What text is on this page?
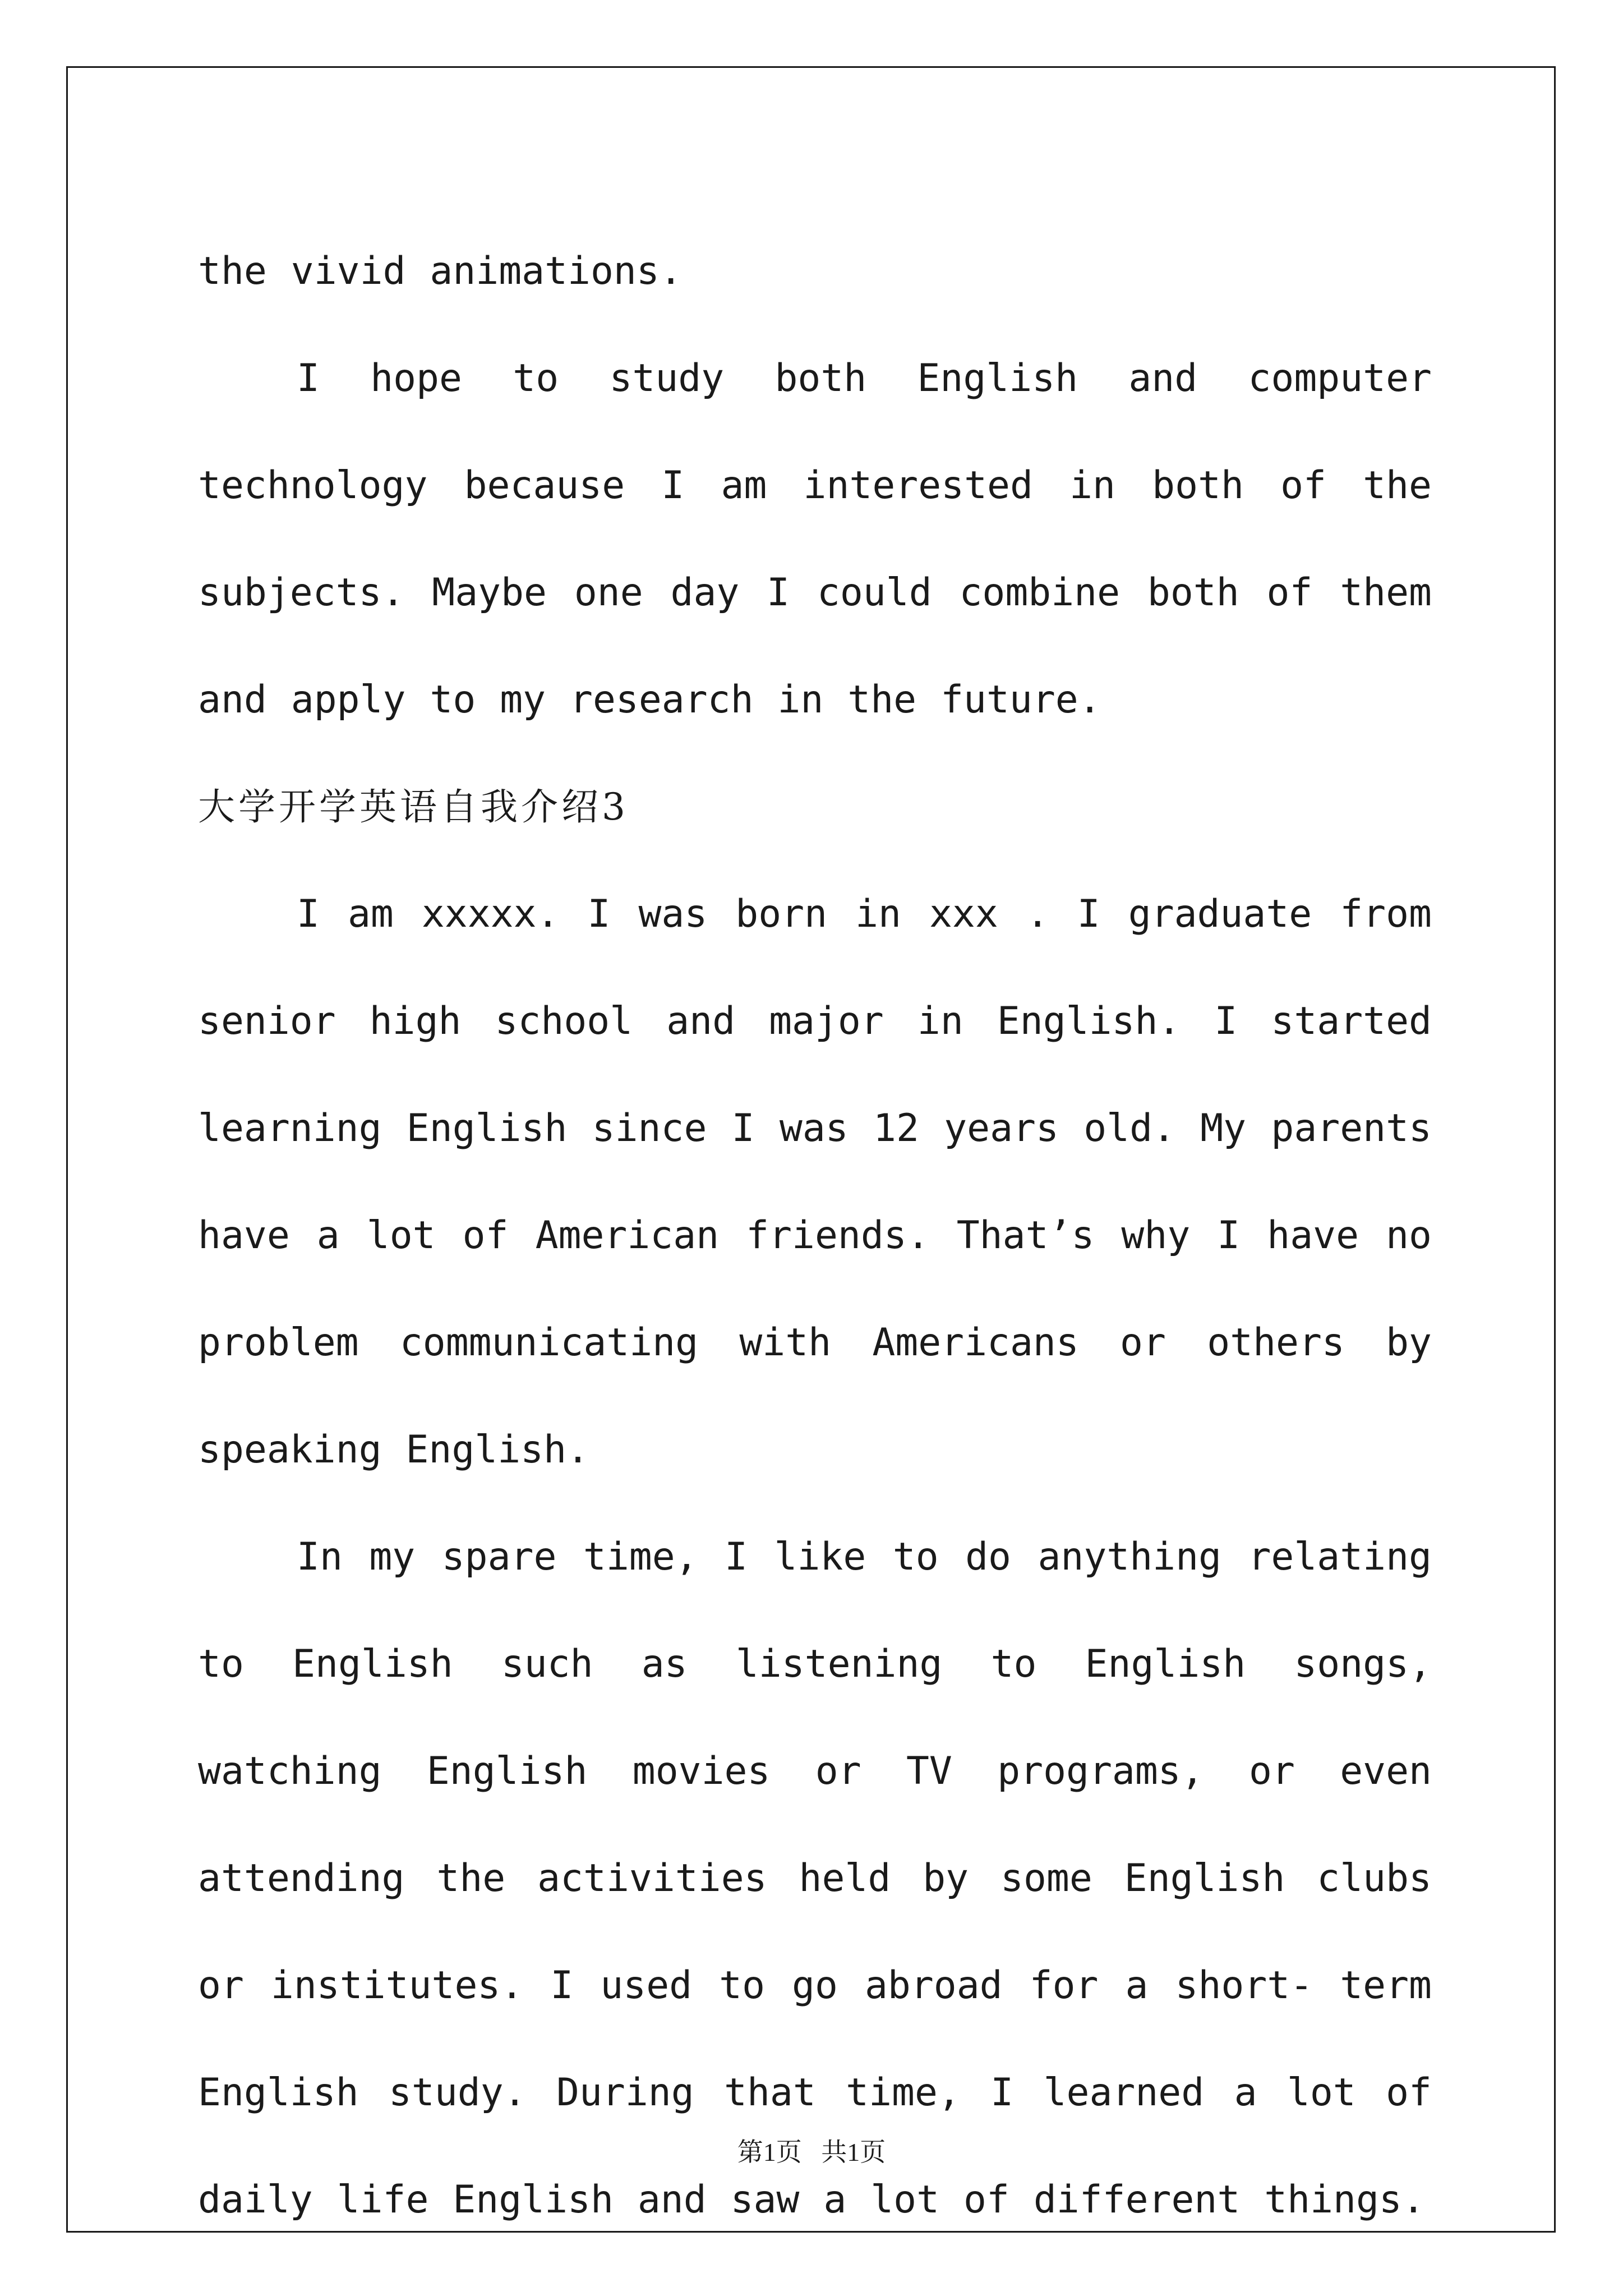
the vivid animations.

I hope to study both English and computer technology because I am interested in both of the subjects. Maybe one day I could combine both of them and apply to my research in the future.

大学开学英语自我介绍3

I am xxxxx. I was born in xxx . I graduate from senior high school and major in English. I started learning English since I was 12 years old. My parents have a lot of American friends. That’s why I have no problem communicating with Americans or others by speaking English.

In my spare time, I like to do anything relating to English such as listening to English songs, watching English movies or TV programs, or even attending the activities held by some English clubs or institutes. I used to go abroad for a short- term English study. During that time, I learned a lot of daily life English and saw a lot of different things.

第1页   共1页
